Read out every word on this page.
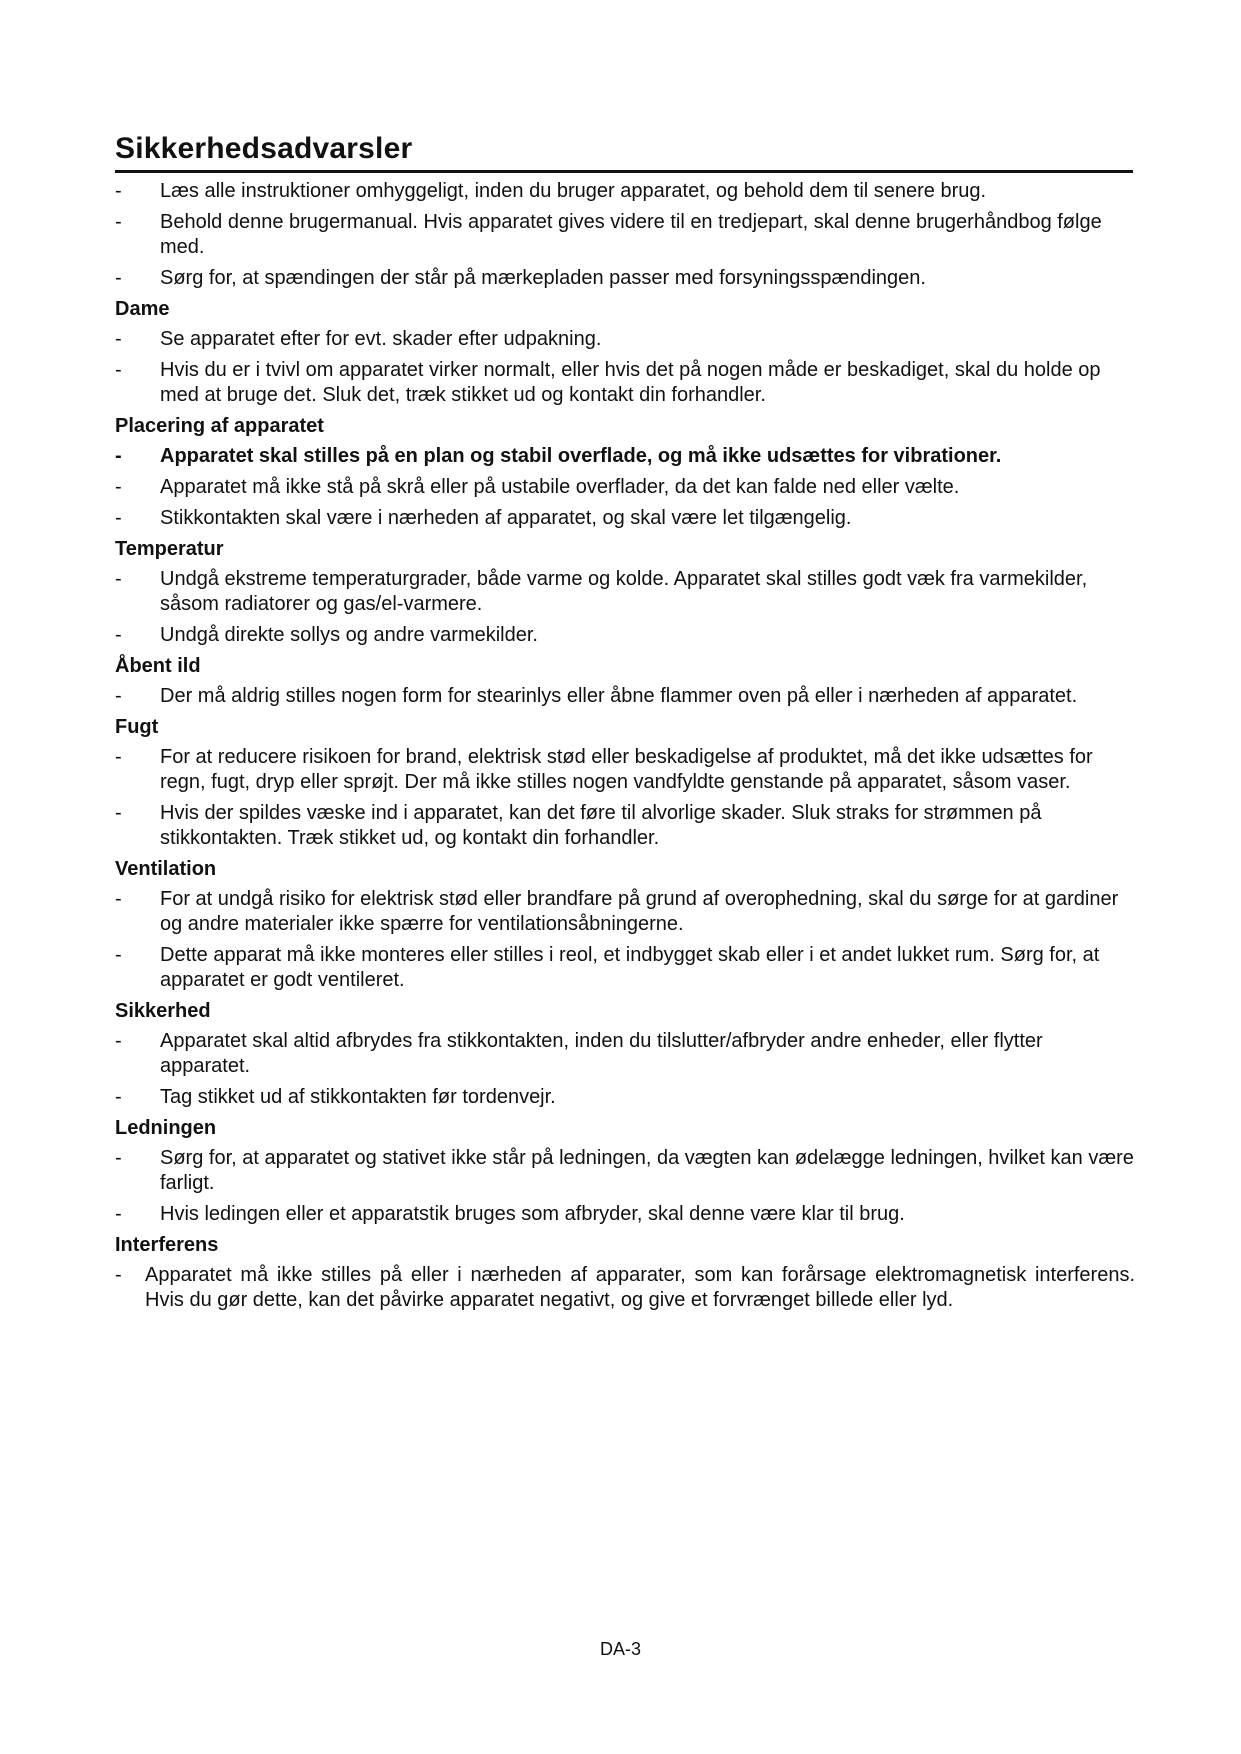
Sikkerhedsadvarsler
-	Læs alle instruktioner omhyggeligt, inden du bruger apparatet, og behold dem til senere brug.
-	Behold denne brugermanual. Hvis apparatet gives videre til en tredjepart, skal denne brugerhåndbog følge med.
-	Sørg for, at spændingen der står på mærkepladen passer med forsyningsspændingen.
Dame
-	Se apparatet efter for evt. skader efter udpakning.
-	Hvis du er i tvivl om apparatet virker normalt, eller hvis det på nogen måde er beskadiget, skal du holde op med at bruge det. Sluk det, træk stikket ud og kontakt din forhandler.
Placering af apparatet
-	Apparatet skal stilles på en plan og stabil overflade, og må ikke udsættes for vibrationer.
-	Apparatet må ikke stå på skrå eller på ustabile overflader, da det kan falde ned eller vælte.
-	Stikkontakten skal være i nærheden af apparatet, og skal være let tilgængelig.
Temperatur
-	Undgå ekstreme temperaturgrader, både varme og kolde. Apparatet skal stilles godt væk fra varmekilder, såsom radiatorer og gas/el-varmere.
-	Undgå direkte sollys og andre varmekilder.
Åbent ild
-	Der må aldrig stilles nogen form for stearinlys eller åbne flammer oven på eller i nærheden af apparatet.
Fugt
-	For at reducere risikoen for brand, elektrisk stød eller beskadigelse af produktet, må det ikke udsættes for regn, fugt, dryp eller sprøjt. Der må ikke stilles nogen vandfyldte genstande på apparatet, såsom vaser.
-	Hvis der spildes væske ind i apparatet, kan det føre til alvorlige skader. Sluk straks for strømmen på stikkontakten. Træk stikket ud, og kontakt din forhandler.
Ventilation
-	For at undgå risiko for elektrisk stød eller brandfare på grund af overophedning, skal du sørge for at gardiner og andre materialer ikke spærre for ventilationsåbningerne.
-	Dette apparat må ikke monteres eller stilles i reol, et indbygget skab eller i et andet lukket rum. Sørg for, at apparatet er godt ventileret.
Sikkerhed
-	Apparatet skal altid afbrydes fra stikkontakten, inden du tilslutter/afbryder andre enheder, eller flytter apparatet.
-	Tag stikket ud af stikkontakten før tordenvejr.
Ledningen
-	Sørg for, at apparatet og stativet ikke står på ledningen, da vægten kan ødelægge ledningen, hvilket kan være farligt.
-	Hvis ledingen eller et apparatstik bruges som afbryder, skal denne være klar til brug.
Interferens
-	Apparatet må ikke stilles på eller i nærheden af apparater, som kan forårsage elektromagnetisk interferens. Hvis du gør dette, kan det påvirke apparatet negativt, og give et forvrænget billede eller lyd.
DA-3
